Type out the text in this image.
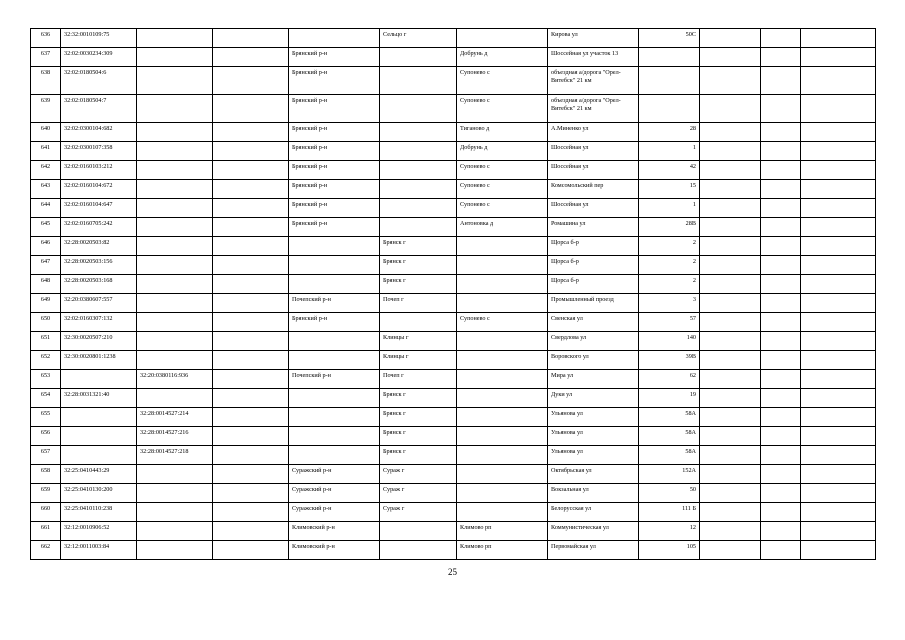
636	32:32:0010109:75				Сельцо г		Кирова ул	50С			
637	32:02:0030234:309			Брянский р-н		Добрунь д	Шоссейная ул участок 13				
638	32:02:0180504:6			Брянский р-н		Супонево с	объездная а/дорога "Орел-Витебск" 21 км				
639	32:02:0180504:7			Брянский р-н		Супонево с	объездная а/дорога "Орел-Витебск" 21 км				
640	32:02:0300104:682			Брянский р-н		Тиганово д	А.Миненко ул	28			
641	32:02:0300107:358			Брянский р-н		Добрунь д	Шоссейная ул	1			
642	32:02:0160103:212			Брянский р-н		Супонево с	Шоссейная ул	42			
643	32:02:0160104:672			Брянский р-н		Супонево с	Комсомольский пер	15			
644	32:02:0160104:647			Брянский р-н		Супонево с	Шоссейная ул	1			
645	32:02:0160705:242			Брянский р-н		Антоновка д	Ромашина ул	28В			
646	32:28:0020503:82				Брянск г		Щорса б-р	2			
647	32:28:0020503:156				Брянск г		Щорса б-р	2			
648	32:28:0020503:168				Брянск г		Щорса б-р	2			
649	32:20:0380607:557			Почепский р-н	Почеп г		Промышленный проезд	3			
650	32:02:0160307:132			Брянский р-н		Супонево с	Свенская ул	57			
651	32:30:0020507:210				Клинцы г		Свердлова ул	140			
652	32:30:0020801:1238				Клинцы г		Воровского ул	39В			
653		32:20:0380116:936		Почепский р-н	Почеп г		Мира ул	62			
654	32:28:0031321:40				Брянск г		Дуки ул	19			
655		32:28:0014527:214			Брянск г		Ульянова ул	58А			
656		32:28:0014527:216			Брянск г		Ульянова ул	58А			
657		32:28:0014527:218			Брянск г		Ульянова ул	58А			
658	32:25:0410443:29			Суражский р-н	Сураж г		Октябрьская ул	152А			
659	32:25:0410130:200			Суражский р-н	Сураж г		Вокзальная ул	50			
660	32:25:0410110:238			Суражский р-н	Сураж г		Белорусская ул	111 Б			
661	32:12:0010906:52			Климовский р-н		Климово рп	Коммунистическая ул	12			
662	32:12:0011003:84			Климовский р-н		Климово рп	Первомайская ул	105			
25
